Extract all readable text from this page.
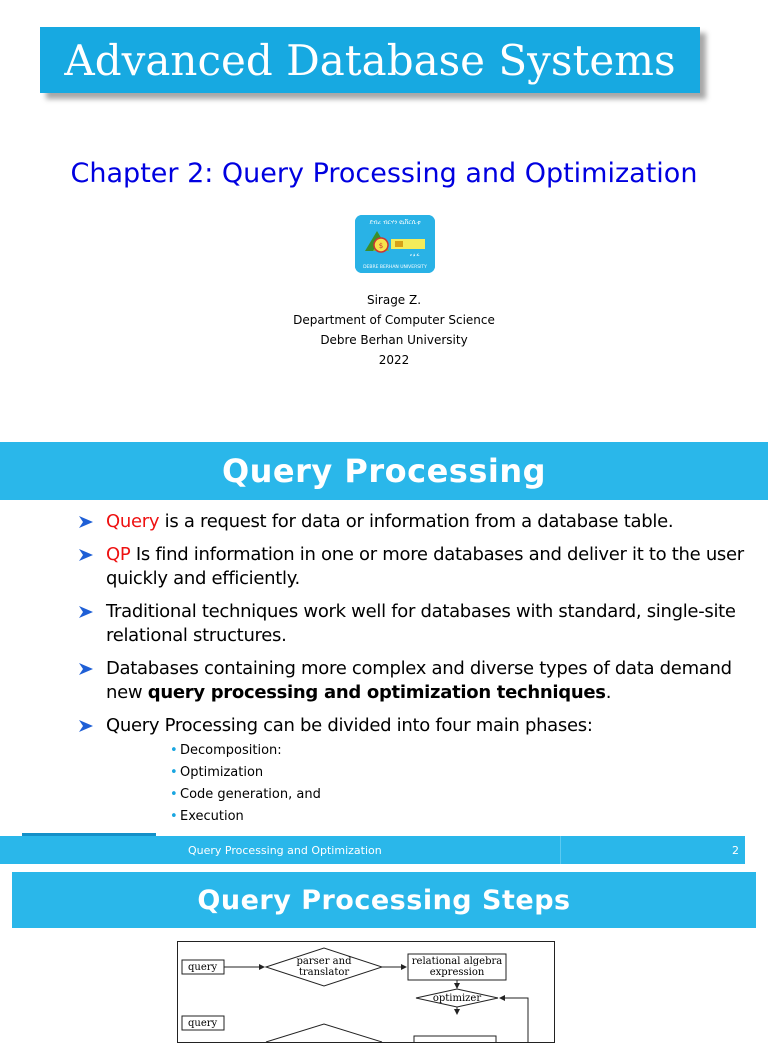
Advanced Database Systems
Chapter 2: Query Processing and Optimization
ደብረ ብርሃን ዩኒቨርሲቲ
$
ፀ ፅ ፈ
DEBRE BERHAN UNIVERSITY
Sirage Z.
Department of Computer Science
Debre Berhan University
2022
Query Processing
Query is a request for data or information from a database table.
QP Is find information in one or more databases and deliver it to the user quickly and efficiently.
Traditional techniques work well for databases with standard, single-site relational structures.
Databases containing more complex and diverse types of data demand new query processing and optimization techniques.
Query Processing can be divided into four main phases:
• Decomposition:
• Optimization
• Code generation, and
• Execution
Query Processing and Optimization	2
Query Processing Steps
query
parser and
translator
relational algebra
expression
optimizer
query
